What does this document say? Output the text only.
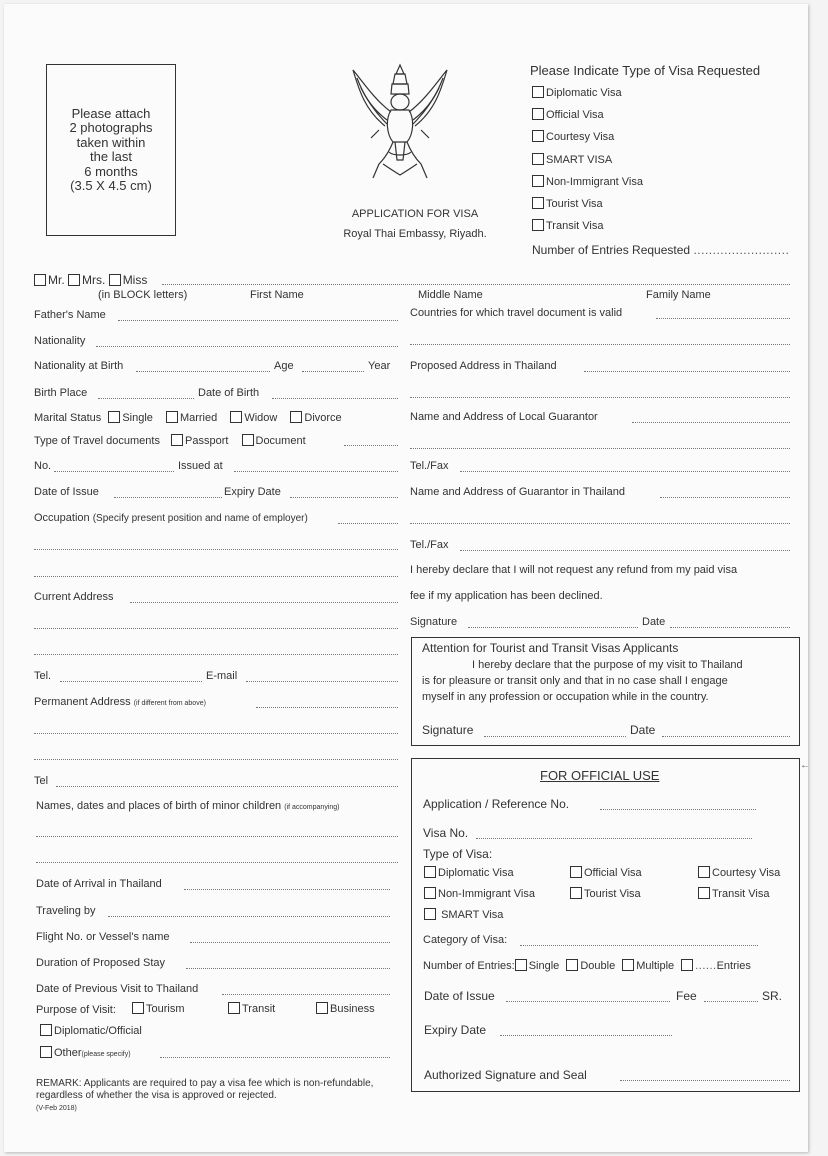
Please attach
2 photographs
taken within
the last
6 months
(3.5 X 4.5 cm)
APPLICATION FOR VISA
Royal Thai Embassy, Riyadh.
Please Indicate Type of Visa Requested
Diplomatic Visa
Official Visa
Courtesy Visa
SMART VISA
Non-Immigrant Visa
Tourist Visa
Transit Visa
Number of Entries Requested .........................
Mr. Mrs. Miss
(in BLOCK letters)	First Name	Middle Name	Family Name
Father's Name
Nationality
Nationality at Birth	Age	Year
Birth Place	Date of Birth
Marital Status Single Married Widow Divorce
Type of Travel documents Passport Document
No.	Issued at
Date of Issue	Expiry Date
Occupation (Specify present position and name of employer)
Current Address
Tel.	E-mail
Permanent Address (if different from above)
Tel
Names, dates and places of birth of minor children (if accompanying)
Date of Arrival in Thailand
Traveling by
Flight No. or Vessel's name
Duration of Proposed Stay
Date of Previous Visit to Thailand
Purpose of Visit:	Tourism	Transit	Business
Diplomatic/Official
Other(please specify)
REMARK: Applicants are required to pay a visa fee which is non-refundable, regardless of whether the visa is approved or rejected.
(V-Feb 2018)
Countries for which travel document is valid
Proposed Address in Thailand
Name and Address of Local Guarantor
Tel./Fax
Name and Address of Guarantor in Thailand
Tel./Fax
I hereby declare that I will not request any refund from my paid visa
fee if my application has been declined.
Signature	Date
Attention for Tourist and Transit Visas Applicants
I hereby declare that the purpose of my visit to Thailand
is for pleasure or transit only and that in no case shall I engage
myself in any profession or occupation while in the country.
Signature	Date
←
FOR OFFICIAL USE
Application / Reference No.
Visa No.
Type of Visa:
Diplomatic Visa	Official Visa	Courtesy Visa
Non-Immigrant Visa	Tourist Visa	Transit Visa
SMART Visa
Category of Visa:
Number of Entries: Single Double Multiple ......Entries
Date of Issue	Fee	SR.
Expiry Date
Authorized Signature and Seal
